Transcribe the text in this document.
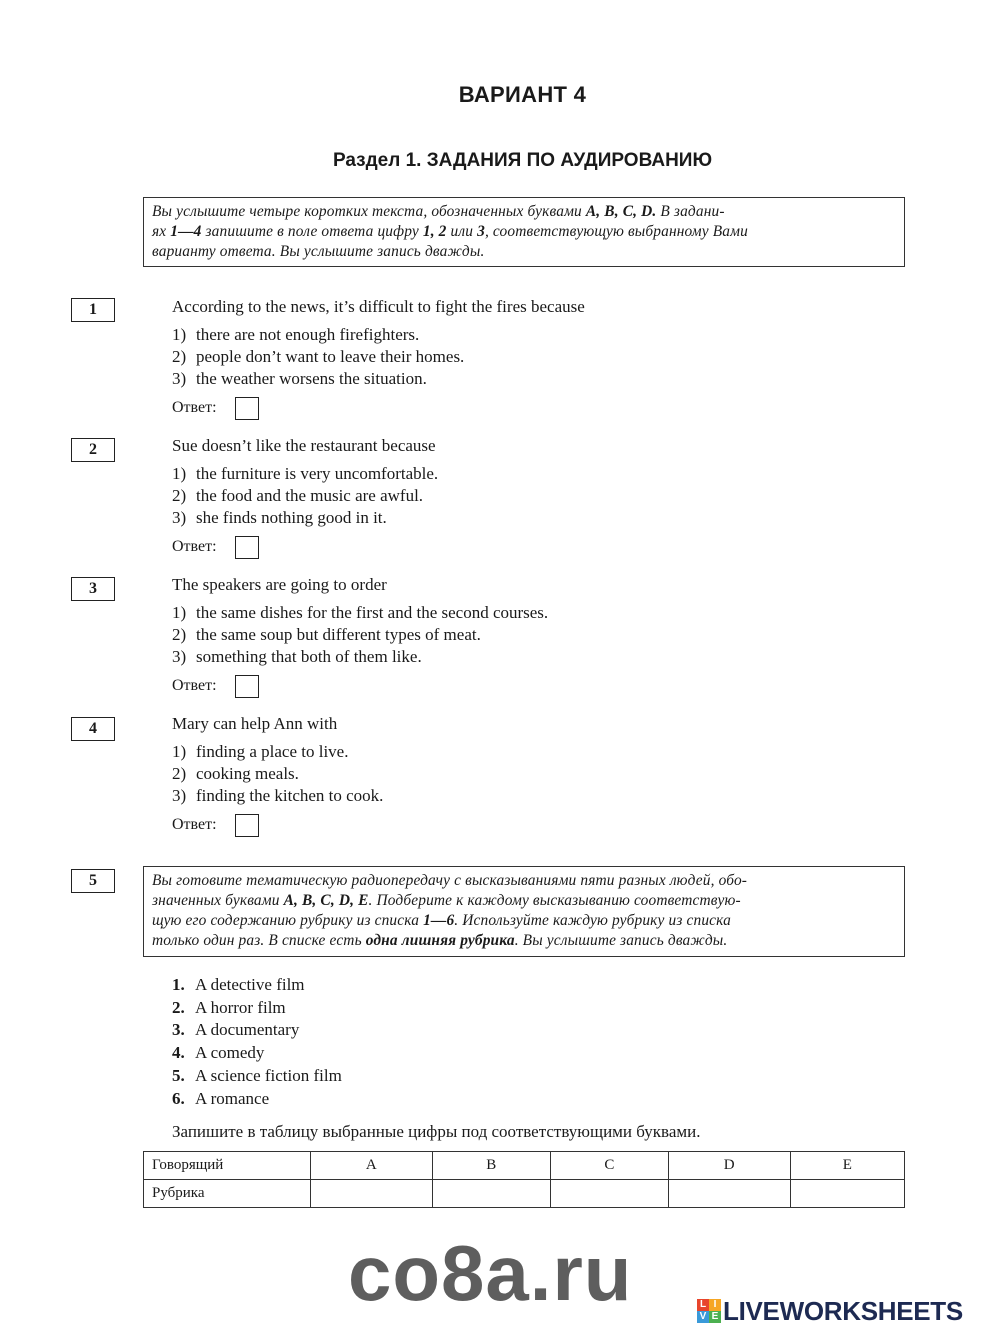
ВАРИАНТ 4
Раздел 1. ЗАДАНИЯ ПО АУДИРОВАНИЮ
Вы услышите четыре коротких текста, обозначенных буквами A, B, C, D. В задани-
ях 1—4 запишите в поле ответа цифру 1, 2 или 3, соответствующую выбранному Вами
варианту ответа. Вы услышите запись дважды.
1	According to the news, it’s difficult to fight the fires because
1) there are not enough firefighters.
2) people don’t want to leave their homes.
3) the weather worsens the situation.
Ответ:
2	Sue doesn’t like the restaurant because
1) the furniture is very uncomfortable.
2) the food and the music are awful.
3) she finds nothing good in it.
Ответ:
3	The speakers are going to order
1) the same dishes for the first and the second courses.
2) the same soup but different types of meat.
3) something that both of them like.
Ответ:
4	Mary can help Ann with
1) finding a place to live.
2) cooking meals.
3) finding the kitchen to cook.
Ответ:
5	Вы готовите тематическую радиопередачу с высказываниями пяти разных людей, обо-
значенных буквами A, B, C, D, E. Подберите к каждому высказыванию соответствую-
щую его содержанию рубрику из списка 1—6. Используйте каждую рубрику из списка
только один раз. В списке есть одна лишняя рубрика. Вы услышите запись дважды.
1. A detective film
2. A horror film
3. A documentary
4. A comedy
5. A science fiction film
6. A romance
Запишите в таблицу выбранные цифры под соответствующими буквами.
Говорящий	A	B	C	D	E
Рубрика					
co8a.ru	L I
V E LIVEWORKSHEETS
